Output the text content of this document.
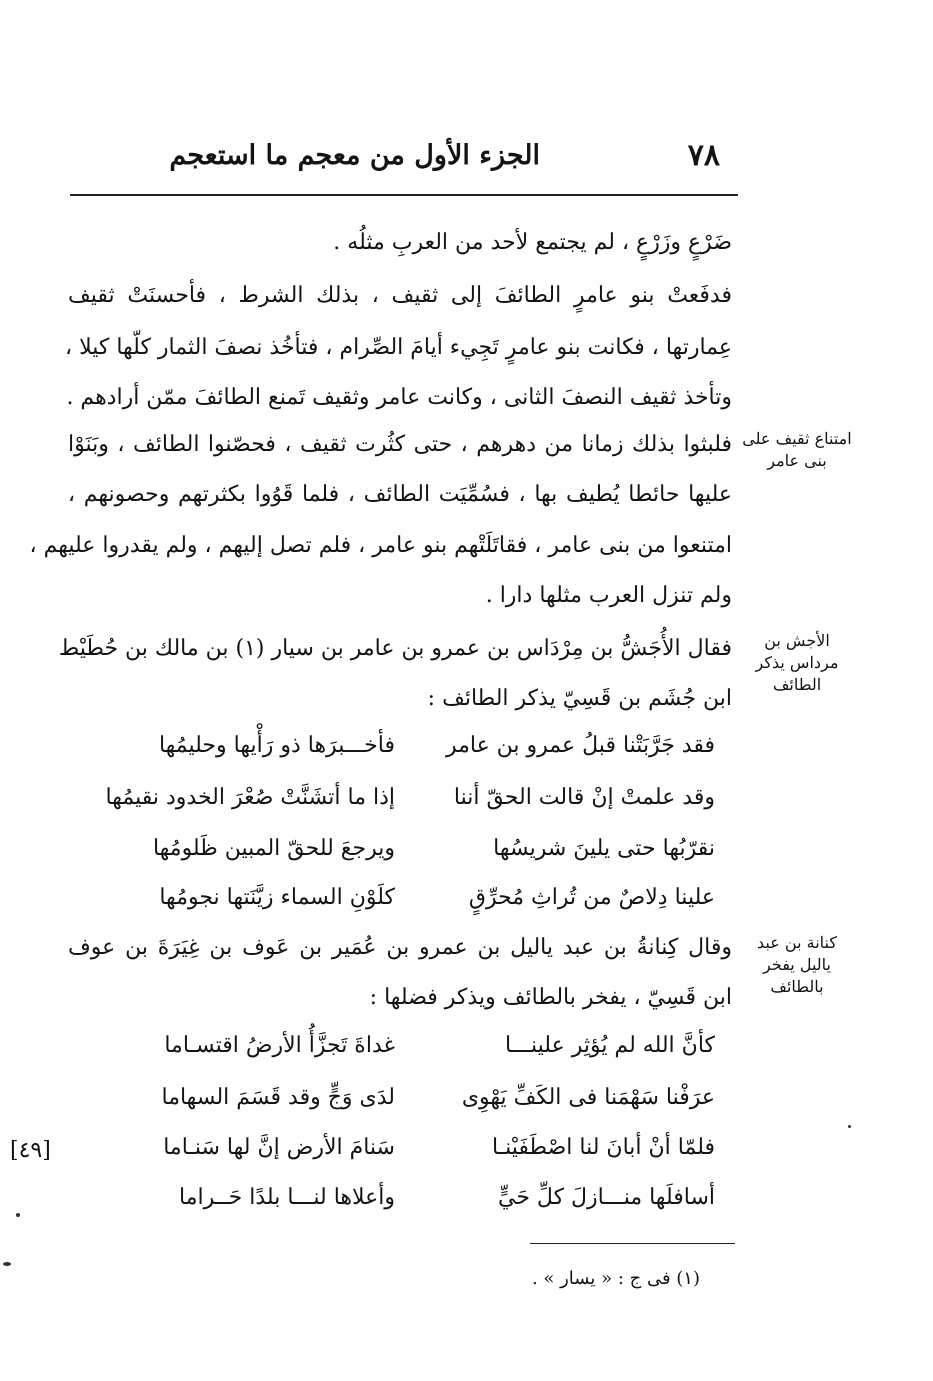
٧٨
الجزء الأول من معجم ما استعجم
ضَرْعٍ وزَرْعٍ ، لم يجتمع لأحد من العربِ مثلُه .
فدفَعتْ بنو عامرٍ الطائفَ إلى ثقيف ، بذلك الشرط ، فأحسنَتْ ثقيف
عِمارتها ، فكانت بنو عامرٍ تَجِيء أيامَ الصِّرام ، فتأخُذ نصفَ الثمار كلّها كيلا ،
وتأخذ ثقيف النصفَ الثانى ، وكانت عامر وثقيف تَمنع الطائفَ ممّن أرادهم .
فلبثوا بذلك زمانا من دهرهم ، حتى كثُرت ثقيف ، فحصّنوا الطائف ، وبَنَوْا
عليها حائطا يُطيف بها ، فسُمِّيَت الطائف ، فلما قَوُوا بكثرتهم وحصونهم ،
امتنعوا من بنى عامر ، فقاتَلَتْهم بنو عامر ، فلم تصل إليهم ، ولم يقدروا عليهم ،
ولم تنزل العرب مثلها دارا .
فقال الأُجَشُّ بن مِرْدَاس بن عمرو بن عامر بن سيار (١) بن مالك بن حُطَيْط
ابن جُشَم بن قَسِيّ يذكر الطائف :
فقد جَرَّبَتْنا قبلُ عمرو بن عامر
فأخـــبرَها ذو رَأْيها وحليمُها
وقد علمتْ إنْ قالت الحقّ أننا
إذا ما أتشَنَّتْ صُعْرَ الخدود نقيمُها
نقرّبُها حتى يلينَ شريسُها
ويرجعَ للحقّ المبين ظَلومُها
علينا دِلاصٌ من تُراثِ مُحرِّقٍ
كلَوْنِ السماء زيَّنَتها نجومُها
وقال كِنانةُ بن عبد ياليل بن عمرو بن عُمَير بن عَوف بن غِيَرَةَ بن عوف
ابن قَسِيّ ، يفخر بالطائف ويذكر فضلها :
كأنَّ الله لم يُؤثِر علينـــا
غداةَ تَجزَّأُ الأرضُ اقتسـاما
عرَفْنا سَهْمَنا فى الكَفِّ يَهْوِى
لدَى وَجٍّ وقد قَسَمَ السهاما
فلمّا أنْ أبانَ لنا اصْطَفَيْنـا
سَنامَ الأرض إنَّ لها سَنـاما
أسافلَها منـــازلَ كلِّ حَيٍّ
وأعلاها لنـــا بلدًا حَــراما
امتناع ثقيف على بنى عامر
الأجش بن مرداس يذكر الطائف
كنانة بن عبد ياليل يفخر بالطائف
[٤٩]
(١) فى ج : « يسار » .
